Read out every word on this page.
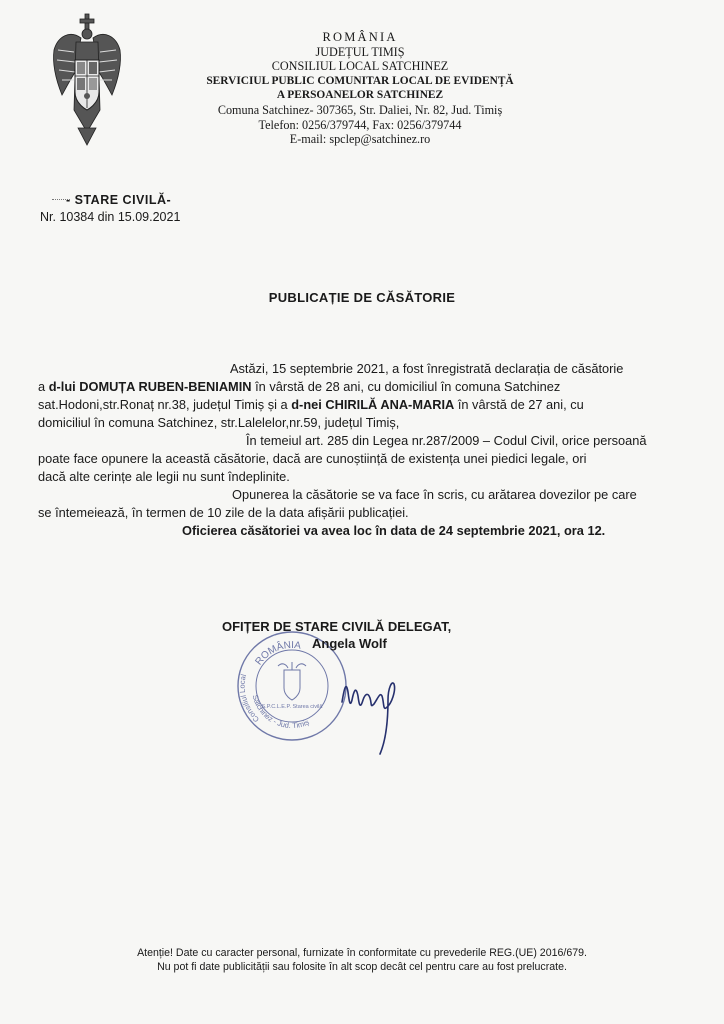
ROMÂNIA
JUDEȚUL TIMIȘ
CONSILIUL LOCAL SATCHINEZ
SERVICIUL PUBLIC COMUNITAR LOCAL DE EVIDENȚĂ
A PERSOANELOR SATCHINEZ
Comuna Satchinez- 307365, Str. Daliei, Nr. 82, Jud. Timiș
Telefon: 0256/379744, Fax: 0256/379744
E-mail: spclep@satchinez.ro
- STARE CIVILĂ-
Nr. 10384 din 15.09.2021
PUBLICAȚIE DE CĂSĂTORIE
Astăzi, 15 septembrie 2021, a fost înregistrată declarația de căsătorie
a d-lui DOMUȚA RUBEN-BENIAMIN în vârstă de 28 ani, cu domiciliul în comuna Satchinez
sat.Hodoni,str.Ronaț nr.38, județul Timiș și a d-nei CHIRILĂ ANA-MARIA în vârstă de 27 ani, cu
domiciliul în comuna Satchinez, str.Lalelelor,nr.59, județul Timiș,
În temeiul art. 285 din Legea nr.287/2009 – Codul Civil, orice persoană
poate face opunere la această căsătorie, dacă are cunoștiință de existența unei piedici legale, ori
dacă alte cerințe ale legii nu sunt îndeplinite.
Opunerea la căsătorie se va face în scris, cu arătarea dovezilor pe care
se întemeiează, în termen de 10 zile de la data afișării publicației.
Oficierea căsătoriei va avea loc în data de 24 septembrie 2021, ora 12.
ROMÂNIA
Satchinez - Jud. Timiș
Consiliul Local
S.P.C.L.E.P. Starea civilă
OFIȚER DE STARE CIVILĂ DELEGAT,
Angela Wolf
Atenție! Date cu caracter personal, furnizate în conformitate cu prevederile REG.(UE) 2016/679.
Nu pot fi date publicității sau folosite în alt scop decât cel pentru care au fost prelucrate.
